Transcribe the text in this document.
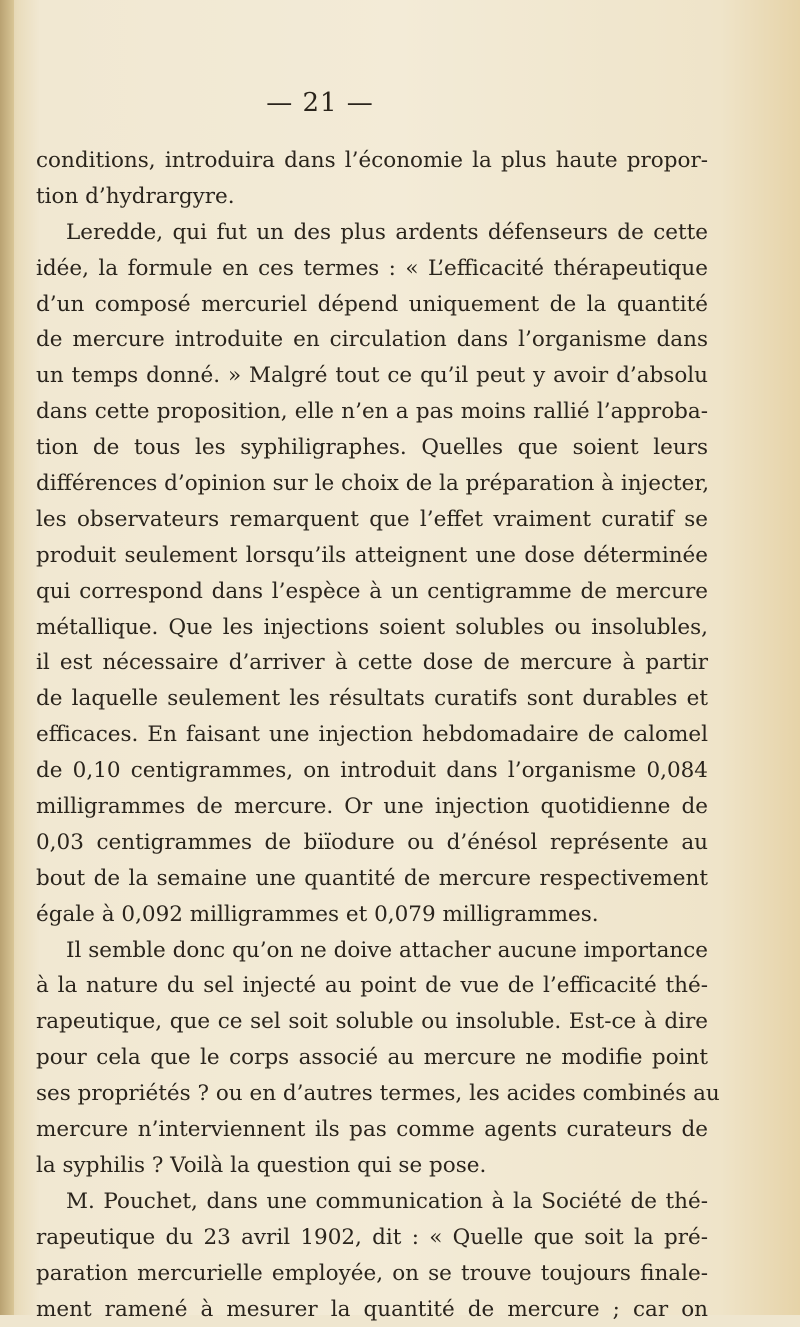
— 21 —
conditions, introduira dans l’économie la plus haute propor-
tion d’hydrargyre.
Leredde, qui fut un des plus ardents défenseurs de cette
idée, la formule en ces termes : « L’efficacité thérapeutique
d’un composé mercuriel dépend uniquement de la quantité
de mercure introduite en circulation dans l’organisme dans
un temps donné. » Malgré tout ce qu’il peut y avoir d’absolu
dans cette proposition, elle n’en a pas moins rallié l’approba-
tion de tous les syphiligraphes. Quelles que soient leurs
différences d’opinion sur le choix de la préparation à injecter,
les observateurs remarquent que l’effet vraiment curatif se
produit seulement lorsqu’ils atteignent une dose déterminée
qui correspond dans l’espèce à un centigramme de mercure
métallique. Que les injections soient solubles ou insolubles,
il est nécessaire d’arriver à cette dose de mercure à partir
de laquelle seulement les résultats curatifs sont durables et
efficaces. En faisant une injection hebdomadaire de calomel
de 0,10 centigrammes, on introduit dans l’organisme 0,084
milligrammes de mercure. Or une injection quotidienne de
0,03 centigrammes de biïodure ou d’énésol représente au
bout de la semaine une quantité de mercure respectivement
égale à 0,092 milligrammes et 0,079 milligrammes.
Il semble donc qu’on ne doive attacher aucune importance
à la nature du sel injecté au point de vue de l’efficacité thé-
rapeutique, que ce sel soit soluble ou insoluble. Est-ce à dire
pour cela que le corps associé au mercure ne modifie point
ses propriétés ? ou en d’autres termes, les acides combinés au
mercure n’interviennent ils pas comme agents curateurs de
la syphilis ? Voilà la question qui se pose.
M. Pouchet, dans une communication à la Société de thé-
rapeutique du 23 avril 1902, dit : « Quelle que soit la pré-
paration mercurielle employée, on se trouve toujours finale-
ment ramené à mesurer la quantité de mercure ; car on
